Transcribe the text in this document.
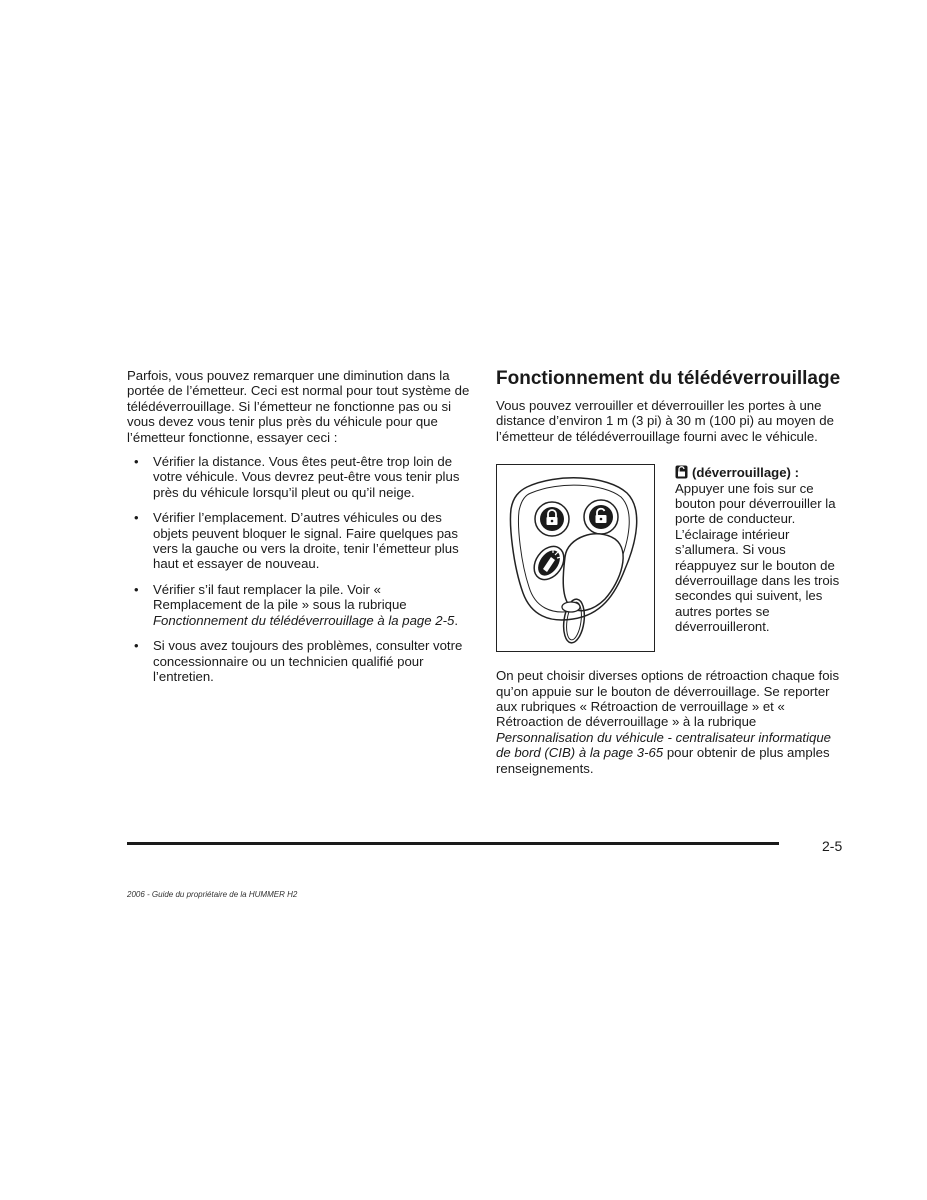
Parfois, vous pouvez remarquer une diminution dans la portée de l’émetteur. Ceci est normal pour tout système de télédéverrouillage. Si l’émetteur ne fonctionne pas ou si vous devez vous tenir plus près du véhicule pour que l’émetteur fonctionne, essayer ceci :

• Vérifier la distance. Vous êtes peut-être trop loin de votre véhicule. Vous devrez peut-être vous tenir plus près du véhicule lorsqu’il pleut ou qu’il neige.
• Vérifier l’emplacement. D’autres véhicules ou des objets peuvent bloquer le signal. Faire quelques pas vers la gauche ou vers la droite, tenir l’émetteur plus haut et essayer de nouveau.
• Vérifier s’il faut remplacer la pile. Voir « Remplacement de la pile » sous la rubrique Fonctionnement du télédéverrouillage à la page 2-5.
• Si vous avez toujours des problèmes, consulter votre concessionnaire ou un technicien qualifié pour l’entretien.
Fonctionnement du télédéverrouillage

Vous pouvez verrouiller et déverrouiller les portes à une distance d’environ 1 m (3 pi) à 30 m (100 pi) au moyen de l’émetteur de télédéverrouillage fourni avec le véhicule.

(déverrouillage) :
Appuyer une fois sur ce bouton pour déverrouiller la porte de conducteur. L’éclairage intérieur s’allumera. Si vous réappuyez sur le bouton de déverrouillage dans les trois secondes qui suivent, les autres portes se déverrouilleront.

On peut choisir diverses options de rétroaction chaque fois qu’on appuie sur le bouton de déverrouillage. Se reporter aux rubriques « Rétroaction de verrouillage » et « Rétroaction de déverrouillage » à la rubrique Personnalisation du véhicule - centralisateur informatique de bord (CIB) à la page 3-65 pour obtenir de plus amples renseignements.

2-5
2006 - Guide du propriétaire de la HUMMER H2
